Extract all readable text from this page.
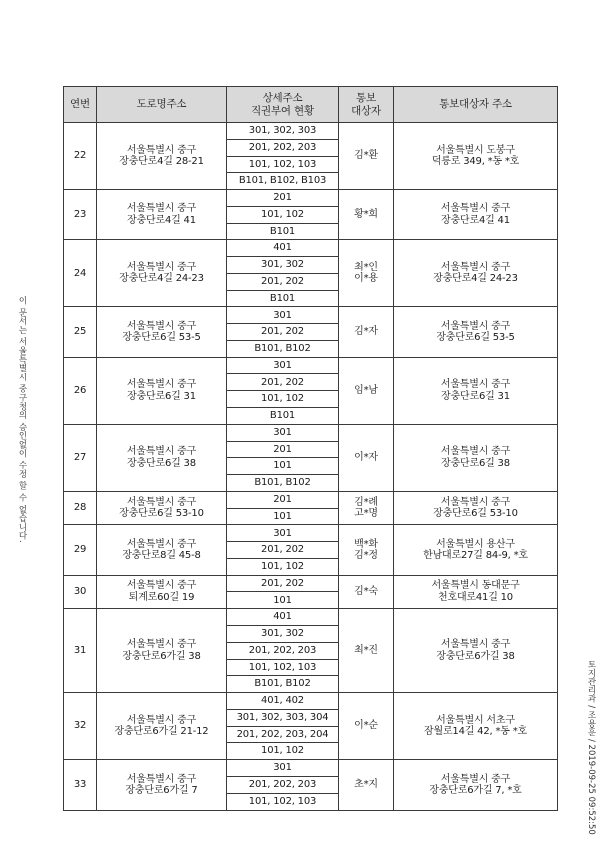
이 문서는 서울특별시 중구청의 승인없이 수정 할 수 없습니다.
연번	도로명주소	상세주소
직권부여 현황	통보
대상자	통보대상자 주소
22	서울특별시 중구
장충단로4길 28-21	301, 302, 303	김*환	서울특별시 도봉구
덕릉로 349, *동 *호

		201, 202, 203		
		101, 102, 103		
		B101, B102, B103		
23	서울특별시 중구
장충단로4길 41	201	황*희	서울특별시 중구
장충단로4길 41

		101, 102		
		B101		
24	서울특별시 중구
장충단로4길 24-23	401	최*인
이*용	서울특별시 중구
장충단로4길 24-23

		301, 302		
		201, 202		
		B101		
25	서울특별시 중구
장충단로6길 53-5	301	김*자	서울특별시 중구
장충단로6길 53-5

		201, 202		
		B101, B102		
26	서울특별시 중구
장충단로6길 31	301	임*남	서울특별시 중구
장충단로6길 31

		201, 202		
		101, 102		
		B101		
27	서울특별시 중구
장충단로6길 38	301	이*자	서울특별시 중구
장충단로6길 38

		201		
		101		
		B101, B102		
28	서울특별시 중구
장충단로6길 53-10	201	김*례
고*명	서울특별시 중구
장충단로6길 53-10

		101		
29	서울특별시 중구
장충단로8길 45-8	301	백*화
김*정	서울특별시 용산구
한남대로27길 84-9, *호

		201, 202		
		101, 102		
30	서울특별시 중구
퇴계로60길 19	201, 202	김*숙	서울특별시 동대문구
천호대로41길 10

		101		
31	서울특별시 중구
장충단로6가길 38	401	최*진	서울특별시 중구
장충단로6가길 38

		301, 302		
		201, 202, 203		
		101, 102, 103		
		B101, B102		
32	서울특별시 중구
장충단로6가길 21-12	401, 402	이*순	서울특별시 서초구
잠월로14길 42, *동 *호

		301, 302, 303, 304		
		201, 202, 203, 204		
		101, 102		
33	서울특별시 중구
장충단로6가길 7	301	초*지	서울특별시 중구
장충단로6가길 7, *호

		201, 202, 203		
		101, 102, 103			토지관리과 / 조용훈 / 2019-09-25 09:52:50
